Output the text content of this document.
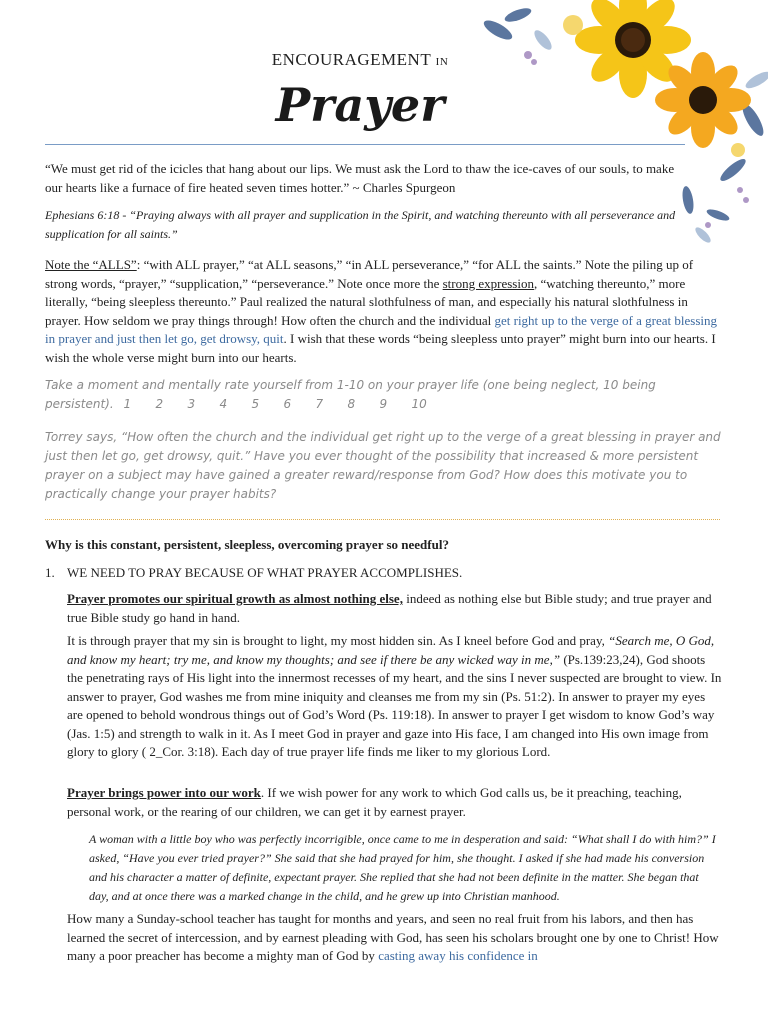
ENCOURAGEMENT IN
Prayer

“We must get rid of the icicles that hang about our lips. We must ask the Lord to thaw the ice-caves of our souls, to make our hearts like a furnace of fire heated seven times hotter.” ~ Charles Spurgeon

Ephesians 6:18 - “Praying always with all prayer and supplication in the Spirit, and watching thereunto with all perseverance and supplication for all saints.”

Note the “ALLS”: “with ALL prayer,” “at ALL seasons,” “in ALL perseverance,” “for ALL the saints.” Note the piling up of strong words, “prayer,” “supplication,” “perseverance.” Note once more the strong expression, “watching thereunto,” more literally, “being sleepless thereunto.” Paul realized the natural slothfulness of man, and especially his natural slothfulness in prayer. How seldom we pray things through! How often the church and the individual get right up to the verge of a great blessing in prayer and just then let go, get drowsy, quit. I wish that these words “being sleepless unto prayer” might burn into our hearts. I wish the whole verse might burn into our hearts.

Take a moment and mentally rate yourself from 1-10 on your prayer life (one being neglect, 10 being persistent). 1 2 3 4 5 6 7 8 9 10

Torrey says, “How often the church and the individual get right up to the verge of a great blessing in prayer and just then let go, get drowsy, quit.” Have you ever thought of the possibility that increased & more persistent prayer on a subject may have gained a greater reward/response from God? How does this motivate you to practically change your prayer habits?

Why is this constant, persistent, sleepless, overcoming prayer so needful?

1. WE NEED TO PRAY BECAUSE OF WHAT PRAYER ACCOMPLISHES.

Prayer promotes our spiritual growth as almost nothing else, indeed as nothing else but Bible study; and true prayer and true Bible study go hand in hand.

It is through prayer that my sin is brought to light, my most hidden sin. As I kneel before God and pray, “Search me, O God, and know my heart; try me, and know my thoughts; and see if there be any wicked way in me,” (Ps.139:23,24), God shoots the penetrating rays of His light into the innermost recesses of my heart, and the sins I never suspected are brought to view. In answer to prayer, God washes me from mine iniquity and cleanses me from my sin (Ps. 51:2). In answer to prayer my eyes are opened to behold wondrous things out of God’s Word (Ps. 119:18). In answer to prayer I get wisdom to know God’s way (Jas. 1:5) and strength to walk in it. As I meet God in prayer and gaze into His face, I am changed into His own image from glory to glory ( 2_Cor. 3:18). Each day of true prayer life finds me liker to my glorious Lord.

Prayer brings power into our work. If we wish power for any work to which God calls us, be it preaching, teaching, personal work, or the rearing of our children, we can get it by earnest prayer.

A woman with a little boy who was perfectly incorrigible, once came to me in desperation and said: “What shall I do with him?” I asked, “Have you ever tried prayer?” She said that she had prayed for him, she thought. I asked if she had made his conversion and his character a matter of definite, expectant prayer. She replied that she had not been definite in the matter. She began that day, and at once there was a marked change in the child, and he grew up into Christian manhood.

How many a Sunday-school teacher has taught for months and years, and seen no real fruit from his labors, and then has learned the secret of intercession, and by earnest pleading with God, has seen his scholars brought one by one to Christ! How many a poor preacher has become a mighty man of God by casting away his confidence in
